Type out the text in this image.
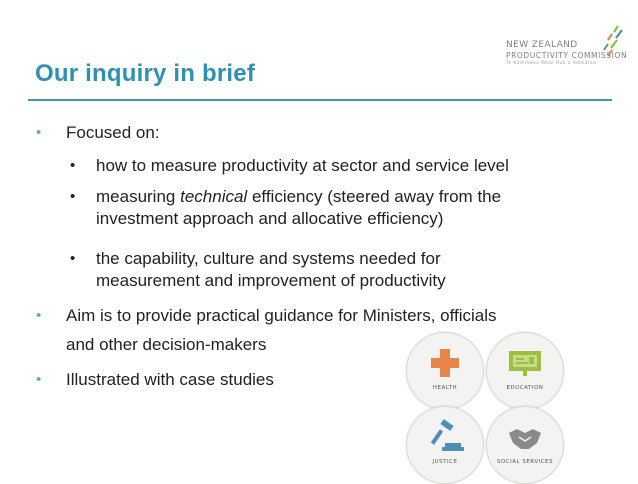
NEW ZEALAND
PRODUCTIVITY COMMISSION
Te Kōmihana Whai Hua o Aotearoa
Our inquiry in brief
• Focused on:
• how to measure productivity at sector and service level
• measuring technical efficiency (steered away from the
investment approach and allocative efficiency)
• the capability, culture and systems needed for
measurement and improvement of productivity
• Aim is to provide practical guidance for Ministers, officials
and other decision-makers
• Illustrated with case studies	HEALTH	EDUCATION
JUSTICE	SOCIAL SERVICES
